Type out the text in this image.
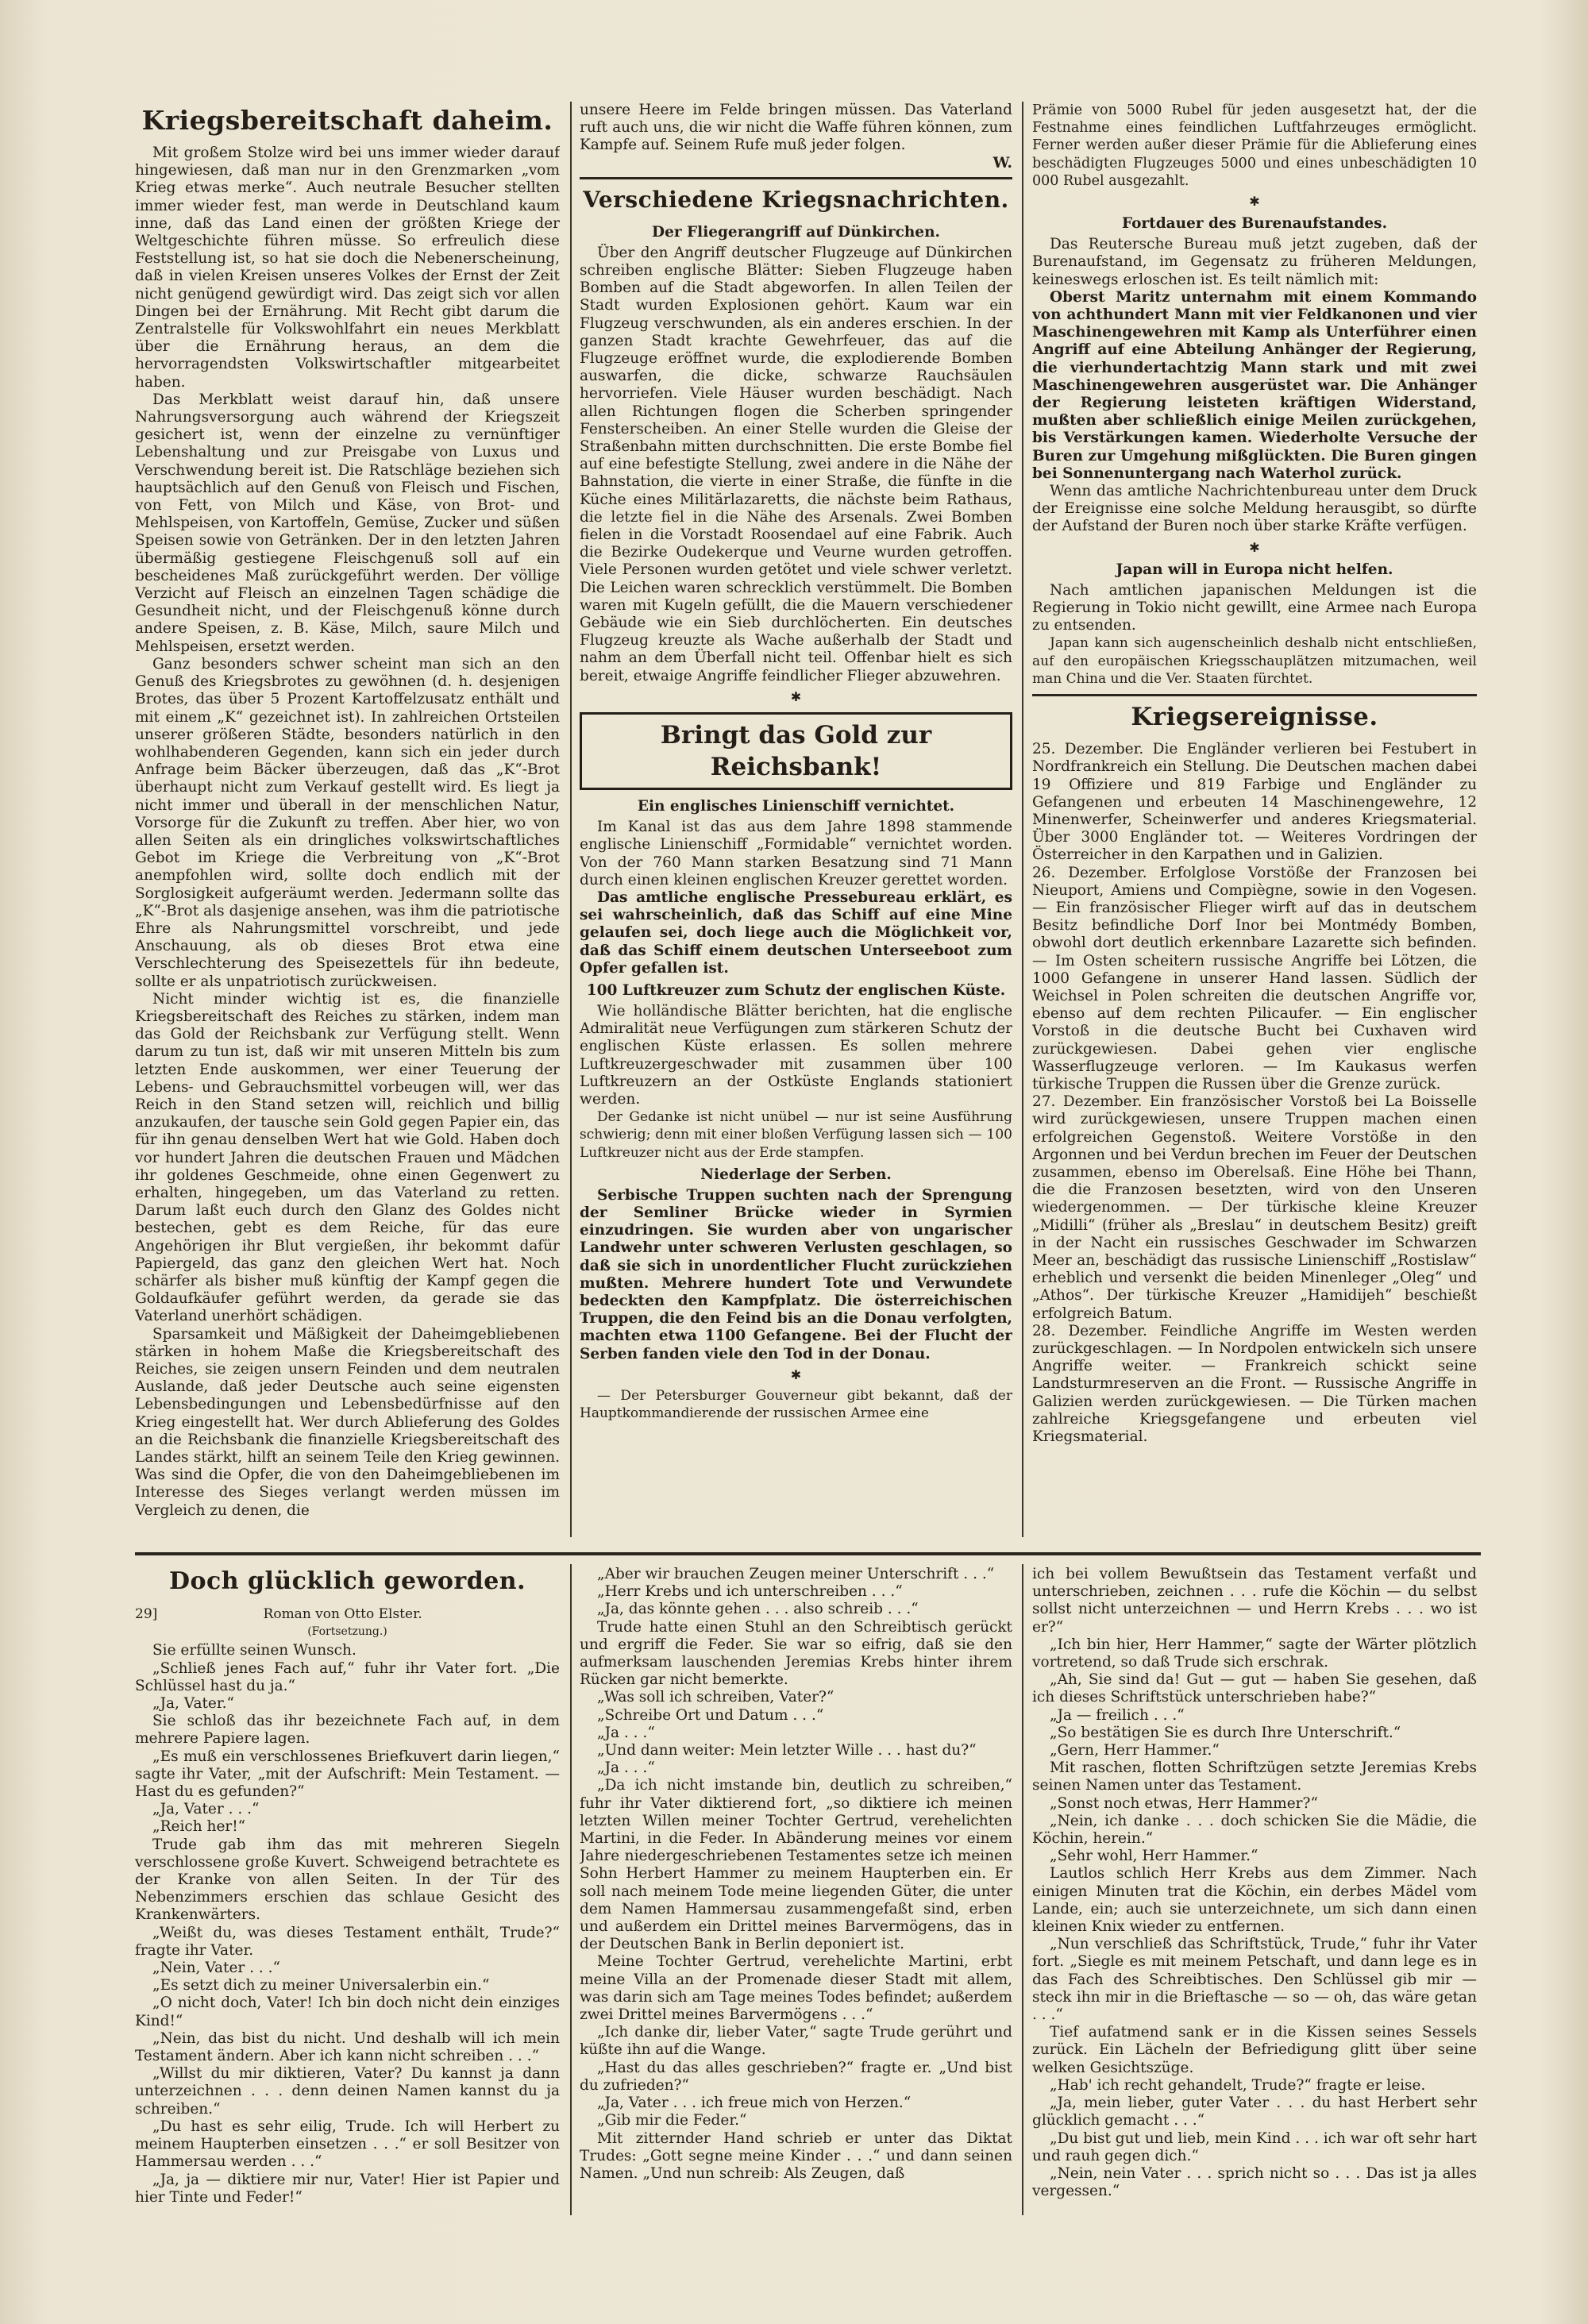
Kriegsbereitschaft daheim.

Mit großem Stolze wird bei uns immer wieder darauf hingewiesen, daß man nur in den Grenzmarken „vom Krieg etwas merke“. Auch neutrale Besucher stellten immer wieder fest, man werde in Deutschland kaum inne, daß das Land einen der größten Kriege der Weltgeschichte führen müsse. So erfreulich diese Feststellung ist, so hat sie doch die Nebenerscheinung, daß in vielen Kreisen unseres Volkes der Ernst der Zeit nicht genügend gewürdigt wird. Das zeigt sich vor allen Dingen bei der Ernährung. Mit Recht gibt darum die Zentralstelle für Volkswohlfahrt ein neues Merkblatt über die Ernährung heraus, an dem die hervorragendsten Volkswirtschaftler mitgearbeitet haben.

Das Merkblatt weist darauf hin, daß unsere Nahrungsversorgung auch während der Kriegszeit gesichert ist, wenn der einzelne zu vernünftiger Lebenshaltung und zur Preisgabe von Luxus und Verschwendung bereit ist. Die Ratschläge beziehen sich hauptsächlich auf den Genuß von Fleisch und Fischen, von Fett, von Milch und Käse, von Brot- und Mehlspeisen, von Kartoffeln, Gemüse, Zucker und süßen Speisen sowie von Getränken. Der in den letzten Jahren übermäßig gestiegene Fleischgenuß soll auf ein bescheidenes Maß zurückgeführt werden. Der völlige Verzicht auf Fleisch an einzelnen Tagen schädige die Gesundheit nicht, und der Fleischgenuß könne durch andere Speisen, z. B. Käse, Milch, saure Milch und Mehlspeisen, ersetzt werden.

Ganz besonders schwer scheint man sich an den Genuß des Kriegsbrotes zu gewöhnen (d. h. desjenigen Brotes, das über 5 Prozent Kartoffelzusatz enthält und mit einem „K“ gezeichnet ist). In zahlreichen Ortsteilen unserer größeren Städte, besonders natürlich in den wohlhabenderen Gegenden, kann sich ein jeder durch Anfrage beim Bäcker überzeugen, daß das „K“-Brot überhaupt nicht zum Verkauf gestellt wird. Es liegt ja nicht immer und überall in der menschlichen Natur, Vorsorge für die Zukunft zu treffen. Aber hier, wo von allen Seiten als ein dringliches volkswirtschaftliches Gebot im Kriege die Verbreitung von „K“-Brot anempfohlen wird, sollte doch endlich mit der Sorglosigkeit aufgeräumt werden. Jedermann sollte das „K“-Brot als dasjenige ansehen, was ihm die patriotische Ehre als Nahrungsmittel vorschreibt, und jede Anschauung, als ob dieses Brot etwa eine Verschlechterung des Speisezettels für ihn bedeute, sollte er als unpatriotisch zurückweisen.

Nicht minder wichtig ist es, die finanzielle Kriegsbereitschaft des Reiches zu stärken, indem man das Gold der Reichsbank zur Verfügung stellt. Wenn darum zu tun ist, daß wir mit unseren Mitteln bis zum letzten Ende auskommen, wer einer Teuerung der Lebens- und Gebrauchsmittel vorbeugen will, wer das Reich in den Stand setzen will, reichlich und billig anzukaufen, der tausche sein Gold gegen Papier ein, das für ihn genau denselben Wert hat wie Gold. Haben doch vor hundert Jahren die deutschen Frauen und Mädchen ihr goldenes Geschmeide, ohne einen Gegenwert zu erhalten, hingegeben, um das Vaterland zu retten. Darum laßt euch durch den Glanz des Goldes nicht bestechen, gebt es dem Reiche, für das eure Angehörigen ihr Blut vergießen, ihr bekommt dafür Papiergeld, das ganz den gleichen Wert hat. Noch schärfer als bisher muß künftig der Kampf gegen die Goldaufkäufer geführt werden, da gerade sie das Vaterland unerhört schädigen.

Sparsamkeit und Mäßigkeit der Daheimgebliebenen stärken in hohem Maße die Kriegsbereitschaft des Reiches, sie zeigen unsern Feinden und dem neutralen Auslande, daß jeder Deutsche auch seine eigensten Lebensbedingungen und Lebensbedürfnisse auf den Krieg eingestellt hat. Wer durch Ablieferung des Goldes an die Reichsbank die finanzielle Kriegsbereitschaft des Landes stärkt, hilft an seinem Teile den Krieg gewinnen. Was sind die Opfer, die von den Daheimgebliebenen im Interesse des Sieges verlangt werden müssen im Vergleich zu denen, die

unsere Heere im Felde bringen müssen. Das Vaterland ruft auch uns, die wir nicht die Waffe führen können, zum Kampfe auf. Seinem Rufe muß jeder folgen.

W.
Verschiedene Kriegsnachrichten.
Der Fliegerangriff auf Dünkirchen.

Über den Angriff deutscher Flugzeuge auf Dünkirchen schreiben englische Blätter: Sieben Flugzeuge haben Bomben auf die Stadt abgeworfen. In allen Teilen der Stadt wurden Explosionen gehört. Kaum war ein Flugzeug verschwunden, als ein anderes erschien. In der ganzen Stadt krachte Gewehrfeuer, das auf die Flugzeuge eröffnet wurde, die explodierende Bomben auswarfen, die dicke, schwarze Rauchsäulen hervorriefen. Viele Häuser wurden beschädigt. Nach allen Richtungen flogen die Scherben springender Fensterscheiben. An einer Stelle wurden die Gleise der Straßenbahn mitten durchschnitten. Die erste Bombe fiel auf eine befestigte Stellung, zwei andere in die Nähe der Bahnstation, die vierte in einer Straße, die fünfte in die Küche eines Militärlazaretts, die nächste beim Rathaus, die letzte fiel in die Nähe des Arsenals. Zwei Bomben fielen in die Vorstadt Roosendael auf eine Fabrik. Auch die Bezirke Oudekerque und Veurne wurden getroffen. Viele Personen wurden getötet und viele schwer verletzt. Die Leichen waren schrecklich verstümmelt. Die Bomben waren mit Kugeln gefüllt, die die Mauern verschiedener Gebäude wie ein Sieb durchlöcherten. Ein deutsches Flugzeug kreuzte als Wache außerhalb der Stadt und nahm an dem Überfall nicht teil. Offenbar hielt es sich bereit, etwaige Angriffe feindlicher Flieger abzuwehren.

✱
Bringt das Gold zur Reichsbank!
Ein englisches Linienschiff vernichtet.

Im Kanal ist das aus dem Jahre 1898 stammende englische Linienschiff „Formidable“ vernichtet worden. Von der 760 Mann starken Besatzung sind 71 Mann durch einen kleinen englischen Kreuzer gerettet worden.

Das amtliche englische Pressebureau erklärt, es sei wahrscheinlich, daß das Schiff auf eine Mine gelaufen sei, doch liege auch die Möglichkeit vor, daß das Schiff einem deutschen Unterseeboot zum Opfer gefallen ist.

100 Luftkreuzer zum Schutz der englischen Küste.

Wie holländische Blätter berichten, hat die englische Admiralität neue Verfügungen zum stärkeren Schutz der englischen Küste erlassen. Es sollen mehrere Luftkreuzergeschwader mit zusammen über 100 Luftkreuzern an der Ostküste Englands stationiert werden.

Der Gedanke ist nicht unübel — nur ist seine Ausführung schwierig; denn mit einer bloßen Verfügung lassen sich — 100 Luftkreuzer nicht aus der Erde stampfen.

Niederlage der Serben.

Serbische Truppen suchten nach der Sprengung der Semliner Brücke wieder in Syrmien einzudringen. Sie wurden aber von ungarischer Landwehr unter schweren Verlusten geschlagen, so daß sie sich in unordentlicher Flucht zurückziehen mußten. Mehrere hundert Tote und Verwundete bedeckten den Kampfplatz. Die österreichischen Truppen, die den Feind bis an die Donau verfolgten, machten etwa 1100 Gefangene. Bei der Flucht der Serben fanden viele den Tod in der Donau.

✱

— Der Petersburger Gouverneur gibt bekannt, daß der Hauptkommandierende der russischen Armee eine

Prämie von 5000 Rubel für jeden ausgesetzt hat, der die Festnahme eines feindlichen Luftfahrzeuges ermöglicht. Ferner werden außer dieser Prämie für die Ablieferung eines beschädigten Flugzeuges 5000 und eines unbeschädigten 10 000 Rubel ausgezahlt.

✱
Fortdauer des Burenaufstandes.

Das Reutersche Bureau muß jetzt zugeben, daß der Burenaufstand, im Gegensatz zu früheren Meldungen, keineswegs erloschen ist. Es teilt nämlich mit:

Oberst Maritz unternahm mit einem Kommando von achthundert Mann mit vier Feldkanonen und vier Maschinengewehren mit Kamp als Unterführer einen Angriff auf eine Abteilung Anhänger der Regierung, die vierhundertachtzig Mann stark und mit zwei Maschinengewehren ausgerüstet war. Die Anhänger der Regierung leisteten kräftigen Widerstand, mußten aber schließlich einige Meilen zurückgehen, bis Verstärkungen kamen. Wiederholte Versuche der Buren zur Umgehung mißglückten. Die Buren gingen bei Sonnenuntergang nach Waterhol zurück.

Wenn das amtliche Nachrichtenbureau unter dem Druck der Ereignisse eine solche Meldung herausgibt, so dürfte der Aufstand der Buren noch über starke Kräfte verfügen.

✱
Japan will in Europa nicht helfen.

Nach amtlichen japanischen Meldungen ist die Regierung in Tokio nicht gewillt, eine Armee nach Europa zu entsenden.

Japan kann sich augenscheinlich deshalb nicht entschließen, auf den europäischen Kriegsschauplätzen mitzumachen, weil man China und die Ver. Staaten fürchtet.

Kriegsereignisse.

25. Dezember. Die Engländer verlieren bei Festubert in Nordfrankreich ein Stellung. Die Deutschen machen dabei 19 Offiziere und 819 Farbige und Engländer zu Gefangenen und erbeuten 14 Maschinengewehre, 12 Minenwerfer, Scheinwerfer und anderes Kriegsmaterial. Über 3000 Engländer tot. — Weiteres Vordringen der Österreicher in den Karpathen und in Galizien.

26. Dezember. Erfolglose Vorstöße der Franzosen bei Nieuport, Amiens und Compiègne, sowie in den Vogesen. — Ein französischer Flieger wirft auf das in deutschem Besitz befindliche Dorf Inor bei Montmédy Bomben, obwohl dort deutlich erkennbare Lazarette sich befinden. — Im Osten scheitern russische Angriffe bei Lötzen, die 1000 Gefangene in unserer Hand lassen. Südlich der Weichsel in Polen schreiten die deutschen Angriffe vor, ebenso auf dem rechten Pilicaufer. — Ein englischer Vorstoß in die deutsche Bucht bei Cuxhaven wird zurückgewiesen. Dabei gehen vier englische Wasserflugzeuge verloren. — Im Kaukasus werfen türkische Truppen die Russen über die Grenze zurück.

27. Dezember. Ein französischer Vorstoß bei La Boisselle wird zurückgewiesen, unsere Truppen machen einen erfolgreichen Gegenstoß. Weitere Vorstöße in den Argonnen und bei Verdun brechen im Feuer der Deutschen zusammen, ebenso im Oberelsaß. Eine Höhe bei Thann, die die Franzosen besetzten, wird von den Unseren wiedergenommen. — Der türkische kleine Kreuzer „Midilli“ (früher als „Breslau“ in deutschem Besitz) greift in der Nacht ein russisches Geschwader im Schwarzen Meer an, beschädigt das russische Linienschiff „Rostislaw“ erheblich und versenkt die beiden Minenleger „Oleg“ und „Athos“. Der türkische Kreuzer „Hamidijeh“ beschießt erfolgreich Batum.

28. Dezember. Feindliche Angriffe im Westen werden zurückgeschlagen. — In Nordpolen entwickeln sich unsere Angriffe weiter. — Frankreich schickt seine Landsturmreserven an die Front. — Russische Angriffe in Galizien werden zurückgewiesen. — Die Türken machen zahlreiche Kriegsgefangene und erbeuten viel Kriegsmaterial.

Doch glücklich geworden.
29]	Roman von Otto Elster.
(Fortsetzung.)

Sie erfüllte seinen Wunsch.

„Schließ jenes Fach auf,“ fuhr ihr Vater fort. „Die Schlüssel hast du ja.“

„Ja, Vater.“

Sie schloß das ihr bezeichnete Fach auf, in dem mehrere Papiere lagen.

„Es muß ein verschlossenes Briefkuvert darin liegen,“ sagte ihr Vater, „mit der Aufschrift: Mein Testament. — Hast du es gefunden?“

„Ja, Vater . . .“

„Reich her!“

Trude gab ihm das mit mehreren Siegeln verschlossene große Kuvert. Schweigend betrachtete es der Kranke von allen Seiten. In der Tür des Nebenzimmers erschien das schlaue Gesicht des Krankenwärters.

„Weißt du, was dieses Testament enthält, Trude?“ fragte ihr Vater.

„Nein, Vater . . .“

„Es setzt dich zu meiner Universalerbin ein.“

„O nicht doch, Vater! Ich bin doch nicht dein einziges Kind!“

„Nein, das bist du nicht. Und deshalb will ich mein Testament ändern. Aber ich kann nicht schreiben . . .“

„Willst du mir diktieren, Vater? Du kannst ja dann unterzeichnen . . . denn deinen Namen kannst du ja schreiben.“

„Du hast es sehr eilig, Trude. Ich will Herbert zu meinem Haupterben einsetzen . . .“ er soll Besitzer von Hammersau werden . . .“

„Ja, ja — diktiere mir nur, Vater! Hier ist Papier und hier Tinte und Feder!“

„Aber wir brauchen Zeugen meiner Unterschrift . . .“

„Herr Krebs und ich unterschreiben . . .“

„Ja, das könnte gehen . . . also schreib . . .“

Trude hatte einen Stuhl an den Schreibtisch gerückt und ergriff die Feder. Sie war so eifrig, daß sie den aufmerksam lauschenden Jeremias Krebs hinter ihrem Rücken gar nicht bemerkte.

„Was soll ich schreiben, Vater?“

„Schreibe Ort und Datum . . .“

„Ja . . .“

„Und dann weiter: Mein letzter Wille . . . hast du?“

„Ja . . .“

„Da ich nicht imstande bin, deutlich zu schreiben,“ fuhr ihr Vater diktierend fort, „so diktiere ich meinen letzten Willen meiner Tochter Gertrud, verehelichten Martini, in die Feder. In Abänderung meines vor einem Jahre niedergeschriebenen Testamentes setze ich meinen Sohn Herbert Hammer zu meinem Haupterben ein. Er soll nach meinem Tode meine liegenden Güter, die unter dem Namen Hammersau zusammengefaßt sind, erben und außerdem ein Drittel meines Barvermögens, das in der Deutschen Bank in Berlin deponiert ist.

Meine Tochter Gertrud, verehelichte Martini, erbt meine Villa an der Promenade dieser Stadt mit allem, was darin sich am Tage meines Todes befindet; außerdem zwei Drittel meines Barvermögens . . .“

„Ich danke dir, lieber Vater,“ sagte Trude gerührt und küßte ihn auf die Wange.

„Hast du das alles geschrieben?“ fragte er. „Und bist du zufrieden?“

„Ja, Vater . . . ich freue mich von Herzen.“

„Gib mir die Feder.“

Mit zitternder Hand schrieb er unter das Diktat Trudes: „Gott segne meine Kinder . . .“ und dann seinen Namen. „Und nun schreib: Als Zeugen, daß

ich bei vollem Bewußtsein das Testament verfaßt und unterschrieben, zeichnen . . . rufe die Köchin — du selbst sollst nicht unterzeichnen — und Herrn Krebs . . . wo ist er?“

„Ich bin hier, Herr Hammer,“ sagte der Wärter plötzlich vortretend, so daß Trude sich erschrak.

„Ah, Sie sind da! Gut — gut — haben Sie gesehen, daß ich dieses Schriftstück unterschrieben habe?“

„Ja — freilich . . .“

„So bestätigen Sie es durch Ihre Unterschrift.“

„Gern, Herr Hammer.“

Mit raschen, flotten Schriftzügen setzte Jeremias Krebs seinen Namen unter das Testament.

„Sonst noch etwas, Herr Hammer?“

„Nein, ich danke . . . doch schicken Sie die Mädie, die Köchin, herein.“

„Sehr wohl, Herr Hammer.“

Lautlos schlich Herr Krebs aus dem Zimmer. Nach einigen Minuten trat die Köchin, ein derbes Mädel vom Lande, ein; auch sie unterzeichnete, um sich dann einen kleinen Knix wieder zu entfernen.

„Nun verschließ das Schriftstück, Trude,“ fuhr ihr Vater fort. „Siegle es mit meinem Petschaft, und dann lege es in das Fach des Schreibtisches. Den Schlüssel gib mir — steck ihn mir in die Brieftasche — so — oh, das wäre getan . . .“

Tief aufatmend sank er in die Kissen seines Sessels zurück. Ein Lächeln der Befriedigung glitt über seine welken Gesichtszüge.

„Hab' ich recht gehandelt, Trude?“ fragte er leise.

„Ja, mein lieber, guter Vater . . . du hast Herbert sehr glücklich gemacht . . .“

„Du bist gut und lieb, mein Kind . . . ich war oft sehr hart und rauh gegen dich.“

„Nein, nein Vater . . . sprich nicht so . . . Das ist ja alles vergessen.“
